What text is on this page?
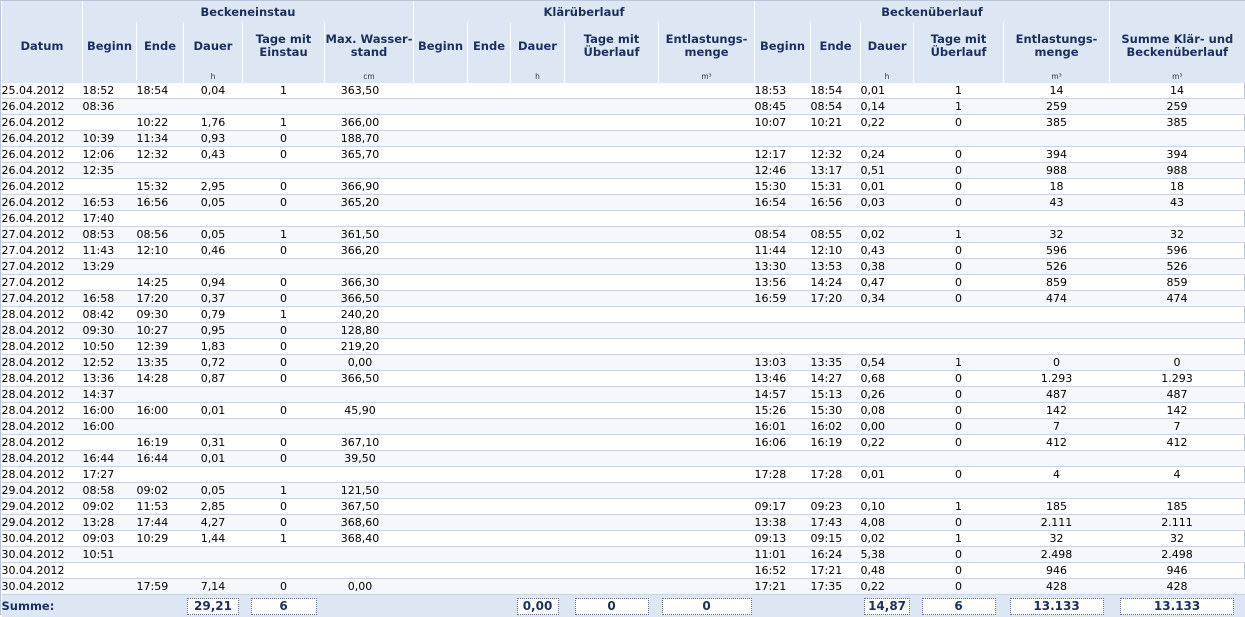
	Beckeneinstau					Klärüberlauf					Beckenüberlauf					
Datum	Beginn	Ende	Dauer	Tage mit Einstau	Max. Wasser-stand	Beginn	Ende	Dauer	Tage mit Überlauf	Entlastungs-menge	Beginn	Ende	Dauer	Tage mit Überlauf	Entlastungs-menge	Summe Klär- und Beckenüberlauf
			h		cm			h		m³			h		m³	m³
25.04.2012	18:52	18:54	0,04	1	363,50						18:53	18:54	0,01	1	14	14
26.04.2012	08:36										08:45	08:54	0,14	1	259	259
26.04.2012		10:22	1,76	1	366,00						10:07	10:21	0,22	0	385	385
26.04.2012	10:39	11:34	0,93	0	188,70											
26.04.2012	12:06	12:32	0,43	0	365,70						12:17	12:32	0,24	0	394	394
26.04.2012	12:35										12:46	13:17	0,51	0	988	988
26.04.2012		15:32	2,95	0	366,90						15:30	15:31	0,01	0	18	18
26.04.2012	16:53	16:56	0,05	0	365,20						16:54	16:56	0,03	0	43	43
26.04.2012	17:40															
27.04.2012	08:53	08:56	0,05	1	361,50						08:54	08:55	0,02	1	32	32
27.04.2012	11:43	12:10	0,46	0	366,20						11:44	12:10	0,43	0	596	596
27.04.2012	13:29										13:30	13:53	0,38	0	526	526
27.04.2012		14:25	0,94	0	366,30						13:56	14:24	0,47	0	859	859
27.04.2012	16:58	17:20	0,37	0	366,50						16:59	17:20	0,34	0	474	474
28.04.2012	08:42	09:30	0,79	1	240,20											
28.04.2012	09:30	10:27	0,95	0	128,80											
28.04.2012	10:50	12:39	1,83	0	219,20											
28.04.2012	12:52	13:35	0,72	0	0,00						13:03	13:35	0,54	1	0	0
28.04.2012	13:36	14:28	0,87	0	366,50						13:46	14:27	0,68	0	1.293	1.293
28.04.2012	14:37										14:57	15:13	0,26	0	487	487
28.04.2012	16:00	16:00	0,01	0	45,90						15:26	15:30	0,08	0	142	142
28.04.2012	16:00										16:01	16:02	0,00	0	7	7
28.04.2012		16:19	0,31	0	367,10						16:06	16:19	0,22	0	412	412
28.04.2012	16:44	16:44	0,01	0	39,50											
28.04.2012	17:27										17:28	17:28	0,01	0	4	4
29.04.2012	08:58	09:02	0,05	1	121,50											
29.04.2012	09:02	11:53	2,85	0	367,50						09:17	09:23	0,10	1	185	185
29.04.2012	13:28	17:44	4,27	0	368,60						13:38	17:43	4,08	0	2.111	2.111
30.04.2012	09:03	10:29	1,44	1	368,40						09:13	09:15	0,02	1	32	32
30.04.2012	10:51										11:01	16:24	5,38	0	2.498	2.498
30.04.2012											16:52	17:21	0,48	0	946	946
30.04.2012		17:59	7,14	0	0,00						17:21	17:35	0,22	0	428	428
Summe:			29,21	6				0,00	0	0			14,87	6	13.133	13.133
